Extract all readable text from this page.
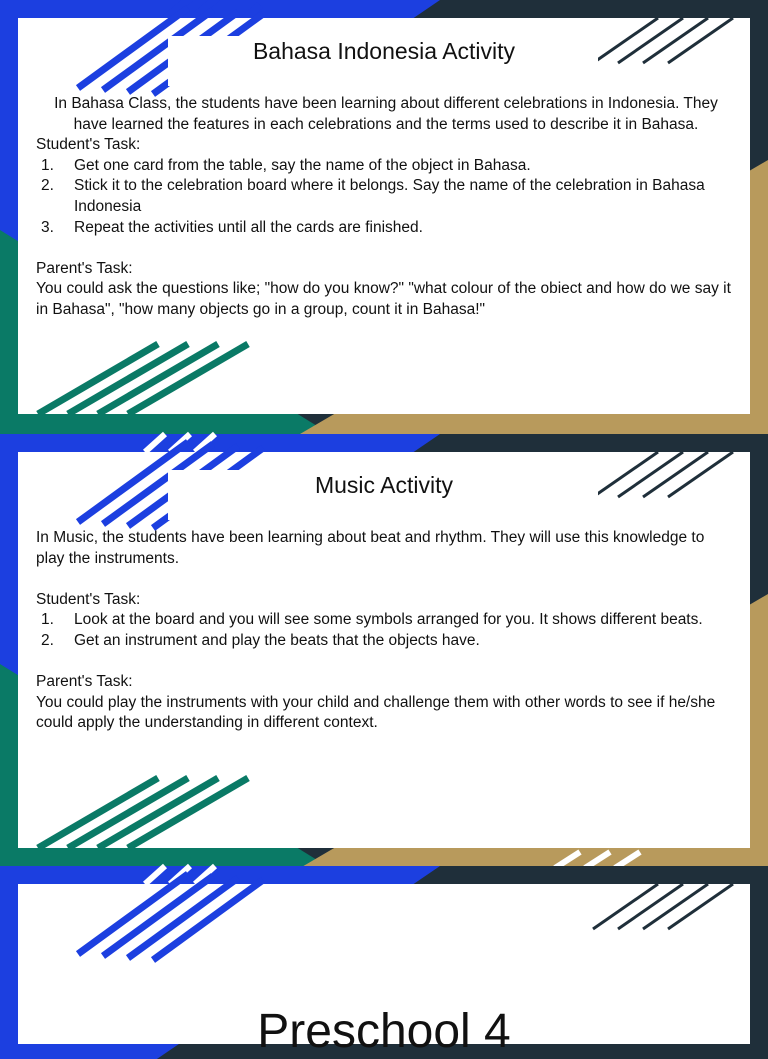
Bahasa Indonesia Activity
In Bahasa Class, the students have been learning about different celebrations in Indonesia. They have learned the features in each celebrations and the terms used to describe it in Bahasa.
Student's Task:
1.	Get one card from the table, say the name of the object in Bahasa.
2.	Stick it to the celebration board where it belongs. Say the name of the celebration in Bahasa Indonesia
3.	Repeat the activities until all the cards are finished.
Parent's Task:
You could ask the questions like; "how do you know?" "what colour of the obiect and how do we say it in Bahasa", "how many objects go in a group, count it in Bahasa!"
Music Activity
In Music, the students have been learning about beat and rhythm. They will use this knowledge to play the instruments.
Student's Task:
1.	Look at the board and you will see some symbols arranged for you. It shows different beats.
2.	Get an instrument and play the beats that the objects have.
Parent's Task:
You could play the instruments with your child and challenge them with other words to see if he/she could apply the understanding in different context.
Preschool 4
